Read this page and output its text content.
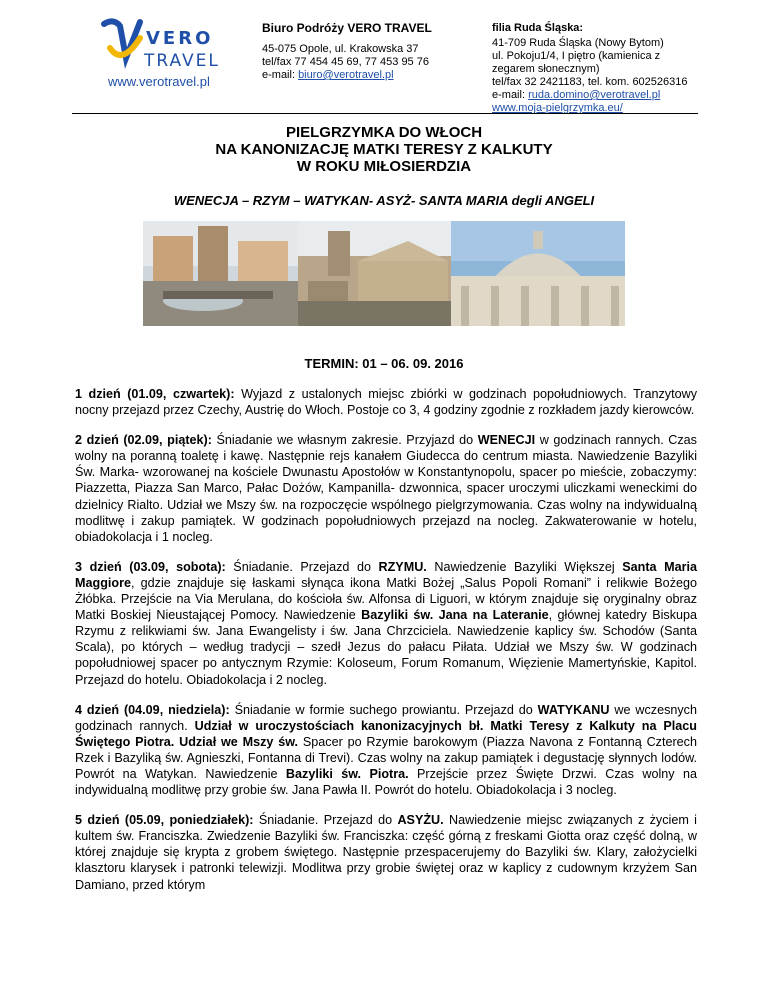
VERO
TRAVEL
www.verotravel.pl
Biuro Podróży VERO TRAVEL
45-075 Opole, ul. Krakowska 37
tel/fax 77 454 45 69, 77 453 95 76
e-mail: biuro@verotravel.pl
filia Ruda Śląska:
41-709 Ruda Śląska (Nowy Bytom)
ul. Pokoju1/4, I piętro (kamienica z
zegarem słonecznym)
tel/fax 32 2421183, tel. kom. 602526316
e-mail: ruda.domino@verotravel.pl
www.moja-pielgrzymka.eu/
PIELGRZYMKA DO WŁOCH
NA KANONIZACJĘ MATKI TERESY Z KALKUTY
W ROKU MIŁOSIERDZIA
WENECJA – RZYM – WATYKAN- ASYŻ- SANTA MARIA degli ANGELI
TERMIN: 01 – 06. 09. 2016

1 dzień (01.09, czwartek): Wyjazd z ustalonych miejsc zbiórki w godzinach popołudniowych. Tranzytowy nocny przejazd przez Czechy, Austrię do Włoch. Postoje co 3, 4 godziny zgodnie z rozkładem jazdy kierowców.

2 dzień (02.09, piątek): Śniadanie we własnym zakresie. Przyjazd do WENECJI w godzinach rannych. Czas wolny na poranną toaletę i kawę. Następnie rejs kanałem Giudecca do centrum miasta. Nawiedzenie Bazyliki Św. Marka- wzorowanej na kościele Dwunastu Apostołów w Konstantynopolu, spacer po mieście, zobaczymy: Piazzetta, Piazza San Marco, Pałac Dożów, Kampanilla- dzwonnica, spacer uroczymi uliczkami weneckimi do dzielnicy Rialto. Udział we Mszy św. na rozpoczęcie wspólnego pielgrzymowania. Czas wolny na indywidualną modlitwę i zakup pamiątek. W godzinach popołudniowych przejazd na nocleg. Zakwaterowanie w hotelu, obiadokolacja i 1 nocleg.

3 dzień (03.09, sobota): Śniadanie. Przejazd do RZYMU. Nawiedzenie Bazyliki Większej Santa Maria Maggiore, gdzie znajduje się łaskami słynąca ikona Matki Bożej „Salus Popoli Romani” i relikwie Bożego Żłóbka. Przejście na Via Merulana, do kościoła św. Alfonsa di Liguori, w którym znajduje się oryginalny obraz Matki Boskiej Nieustającej Pomocy. Nawiedzenie Bazyliki św. Jana na Lateranie, głównej katedry Biskupa Rzymu z relikwiami św. Jana Ewangelisty i św. Jana Chrzciciela. Nawiedzenie kaplicy św. Schodów (Santa Scala), po których – według tradycji – szedł Jezus do pałacu Piłata. Udział we Mszy św. W godzinach popołudniowej spacer po antycznym Rzymie: Koloseum, Forum Romanum, Więzienie Mamertyńskie, Kapitol. Przejazd do hotelu. Obiadokolacja i 2 nocleg.

4 dzień (04.09, niedziela): Śniadanie w formie suchego prowiantu. Przejazd do WATYKANU we wczesnych godzinach rannych. Udział w uroczystościach kanonizacyjnych bł. Matki Teresy z Kalkuty na Placu Świętego Piotra. Udział we Mszy św. Spacer po Rzymie barokowym (Piazza Navona z Fontanną Czterech Rzek i Bazyliką św. Agnieszki, Fontanna di Trevi). Czas wolny na zakup pamiątek i degustację słynnych lodów. Powrót na Watykan. Nawiedzenie Bazyliki św. Piotra. Przejście przez Święte Drzwi. Czas wolny na indywidualną modlitwę przy grobie św. Jana Pawła II. Powrót do hotelu. Obiadokolacja i 3 nocleg.

5 dzień (05.09, poniedziałek): Śniadanie. Przejazd do ASYŻU. Nawiedzenie miejsc związanych z życiem i kultem św. Franciszka. Zwiedzenie Bazyliki św. Franciszka: część górną z freskami Giotta oraz część dolną, w której znajduje się krypta z grobem świętego. Następnie przespacerujemy do Bazyliki św. Klary, założycielki klasztoru klarysek i patronki telewizji. Modlitwa przy grobie świętej oraz w kaplicy z cudownym krzyżem San Damiano, przed którym
